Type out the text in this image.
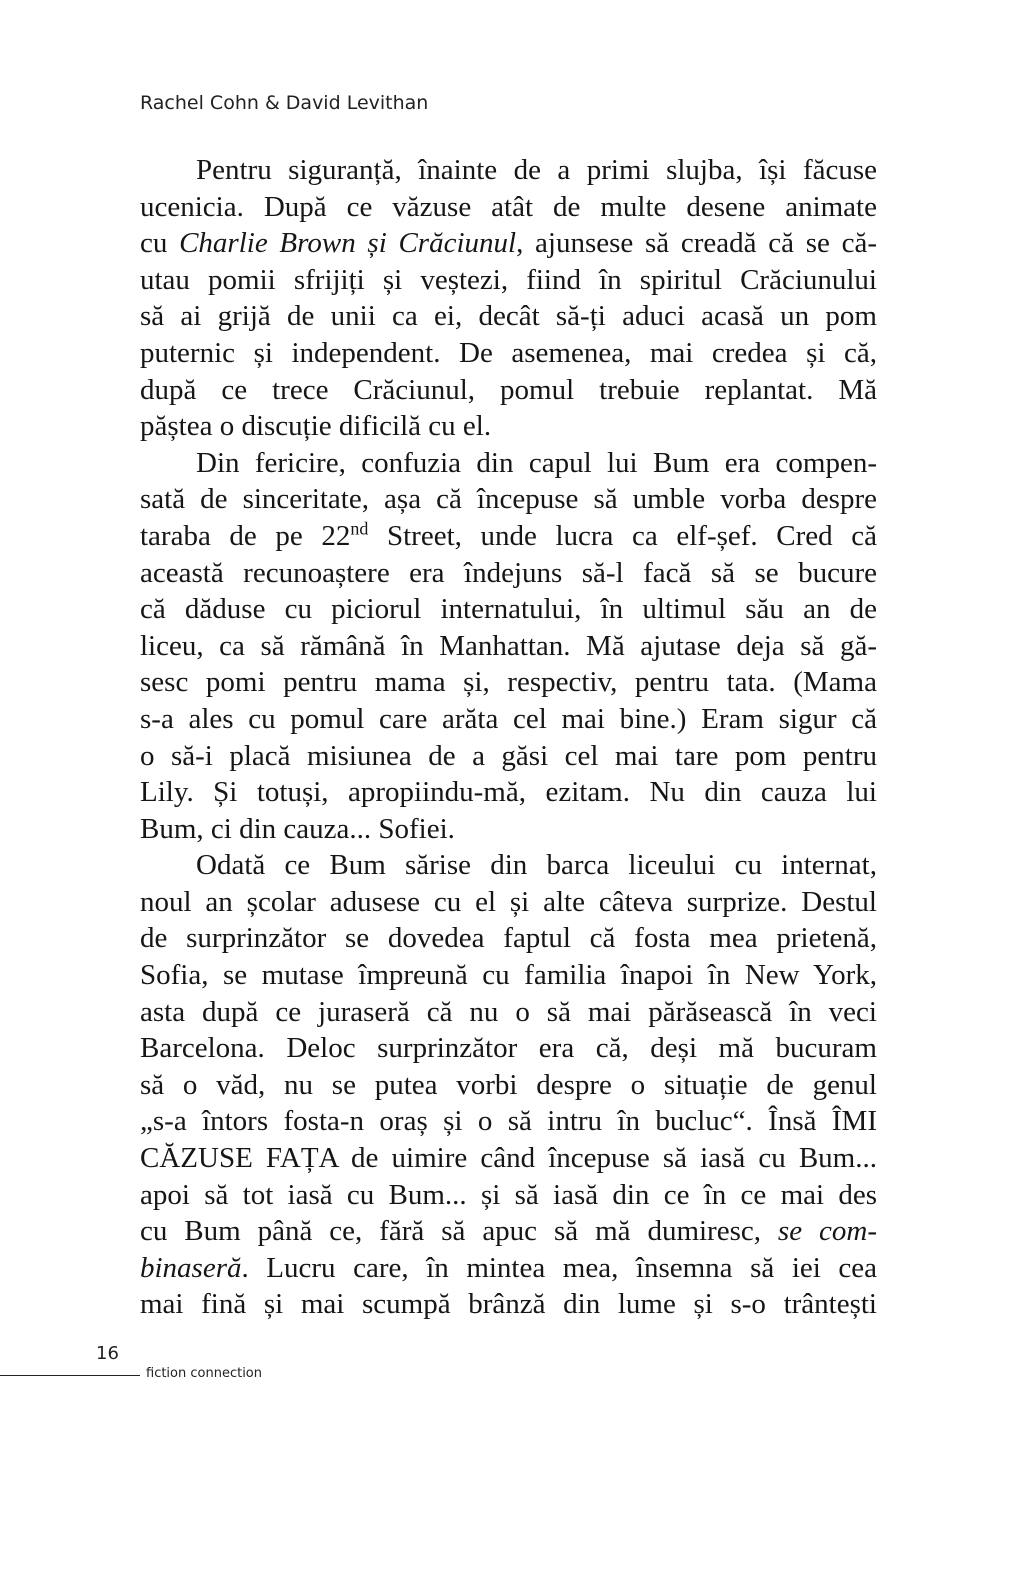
Rachel Cohn & David Levithan
Pentru siguranță, înainte de a primi slujba, își făcuse
ucenicia. După ce văzuse atât de multe desene animate
cu Charlie Brown și Crăciunul, ajunsese să creadă că se că-
utau pomii sfrijiți și veștezi, fiind în spiritul Crăciunului
să ai grijă de unii ca ei, decât să-ți aduci acasă un pom
puternic și independent. De asemenea, mai credea și că,
după ce trece Crăciunul, pomul trebuie replantat. Mă
păștea o discuție dificilă cu el.
Din fericire, confuzia din capul lui Bum era compen-
sată de sinceritate, așa că începuse să umble vorba despre
taraba de pe 22nd Street, unde lucra ca elf-șef. Cred că
această recunoaștere era îndejuns să-l facă să se bucure
că dăduse cu piciorul internatului, în ultimul său an de
liceu, ca să rămână în Manhattan. Mă ajutase deja să gă-
sesc pomi pentru mama și, respectiv, pentru tata. (Mama
s-a ales cu pomul care arăta cel mai bine.) Eram sigur că
o să-i placă misiunea de a găsi cel mai tare pom pentru
Lily. Și totuși, apropiindu-mă, ezitam. Nu din cauza lui
Bum, ci din cauza... Sofiei.
Odată ce Bum sărise din barca liceului cu internat,
noul an școlar adusese cu el și alte câteva surprize. Destul
de surprinzător se dovedea faptul că fosta mea prietenă,
Sofia, se mutase împreună cu familia înapoi în New York,
asta după ce juraseră că nu o să mai părăsească în veci
Barcelona. Deloc surprinzător era că, deși mă bucuram
să o văd, nu se putea vorbi despre o situație de genul
„s-a întors fosta-n oraș și o să intru în bucluc“. Însă ÎMI
CĂZUSE FAȚA de uimire când începuse să iasă cu Bum...
apoi să tot iasă cu Bum... și să iasă din ce în ce mai des
cu Bum până ce, fără să apuc să mă dumiresc, se com-
binaseră. Lucru care, în mintea mea, însemna să iei cea
mai fină și mai scumpă brânză din lume și s-o trântești
16
fiction connection
